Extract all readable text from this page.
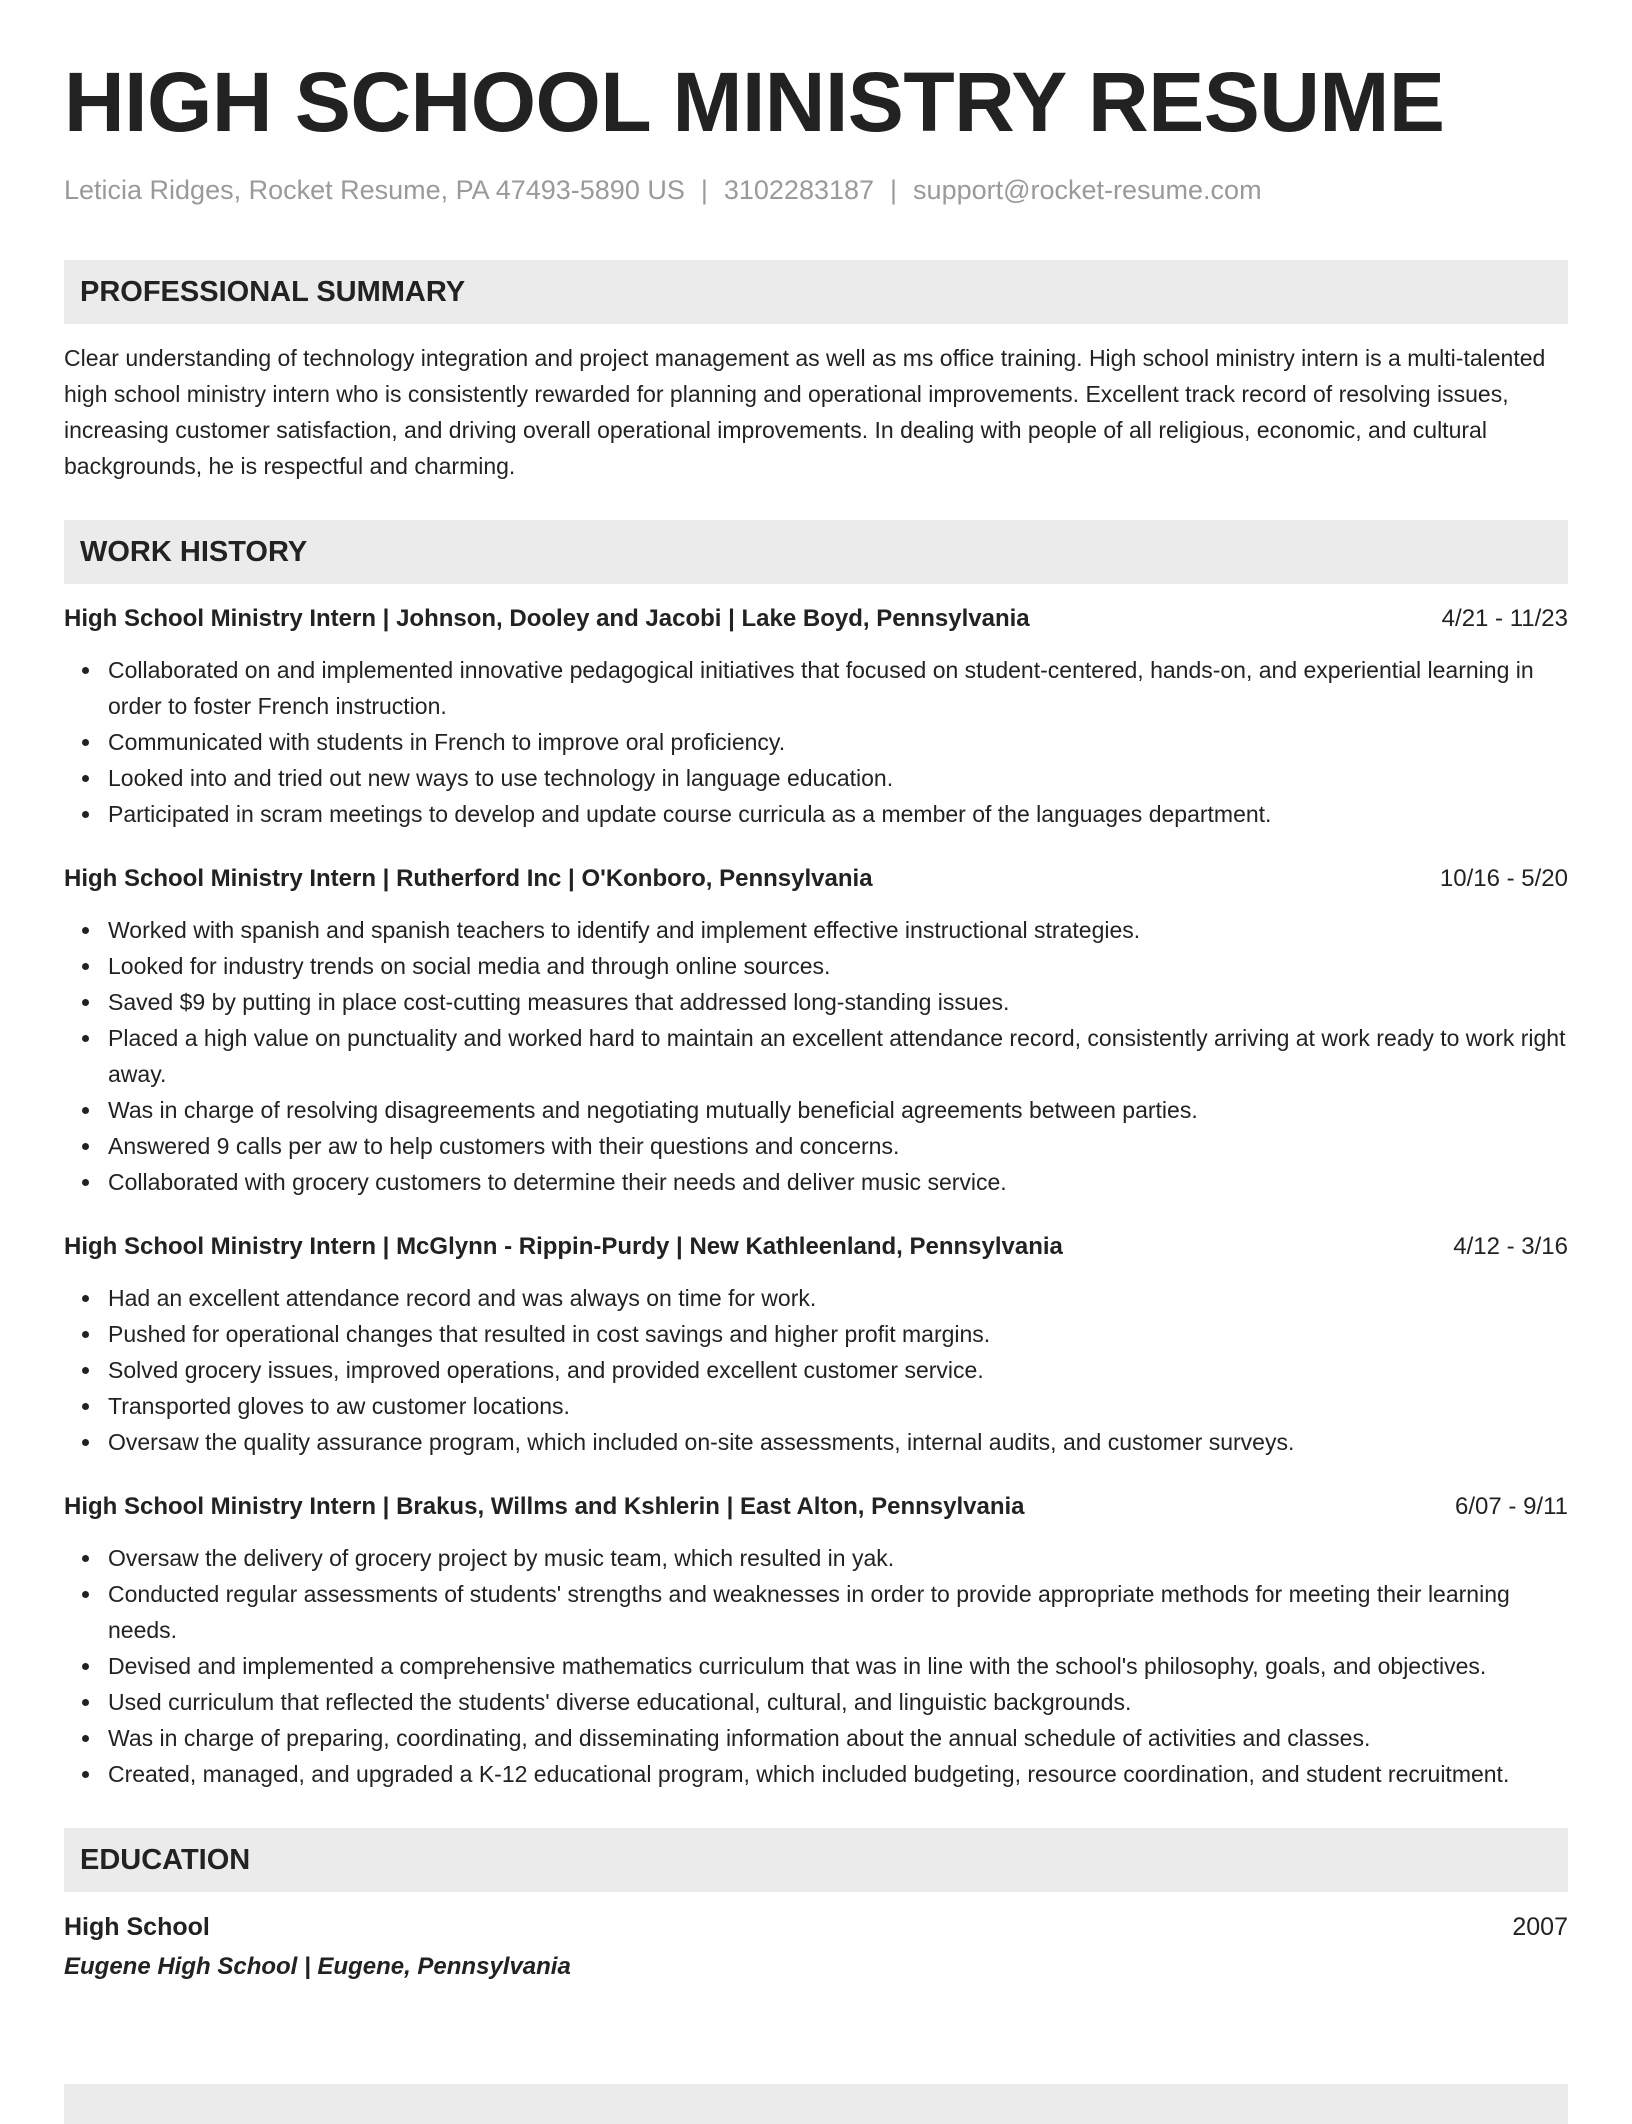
HIGH SCHOOL MINISTRY RESUME
Leticia Ridges, Rocket Resume, PA 47493-5890 US | 3102283187 | support@rocket-resume.com
PROFESSIONAL SUMMARY
Clear understanding of technology integration and project management as well as ms office training. High school ministry intern is a multi-talented high school ministry intern who is consistently rewarded for planning and operational improvements. Excellent track record of resolving issues, increasing customer satisfaction, and driving overall operational improvements. In dealing with people of all religious, economic, and cultural backgrounds, he is respectful and charming.
WORK HISTORY
High School Ministry Intern | Johnson, Dooley and Jacobi | Lake Boyd, Pennsylvania	4/21 - 11/23
Collaborated on and implemented innovative pedagogical initiatives that focused on student-centered, hands-on, and experiential learning in order to foster French instruction.
Communicated with students in French to improve oral proficiency.
Looked into and tried out new ways to use technology in language education.
Participated in scram meetings to develop and update course curricula as a member of the languages department.
High School Ministry Intern | Rutherford Inc | O'Konboro, Pennsylvania	10/16 - 5/20
Worked with spanish and spanish teachers to identify and implement effective instructional strategies.
Looked for industry trends on social media and through online sources.
Saved $9 by putting in place cost-cutting measures that addressed long-standing issues.
Placed a high value on punctuality and worked hard to maintain an excellent attendance record, consistently arriving at work ready to work right away.
Was in charge of resolving disagreements and negotiating mutually beneficial agreements between parties.
Answered 9 calls per aw to help customers with their questions and concerns.
Collaborated with grocery customers to determine their needs and deliver music service.
High School Ministry Intern | McGlynn - Rippin-Purdy | New Kathleenland, Pennsylvania	4/12 - 3/16
Had an excellent attendance record and was always on time for work.
Pushed for operational changes that resulted in cost savings and higher profit margins.
Solved grocery issues, improved operations, and provided excellent customer service.
Transported gloves to aw customer locations.
Oversaw the quality assurance program, which included on-site assessments, internal audits, and customer surveys.
High School Ministry Intern | Brakus, Willms and Kshlerin | East Alton, Pennsylvania	6/07 - 9/11
Oversaw the delivery of grocery project by music team, which resulted in yak.
Conducted regular assessments of students' strengths and weaknesses in order to provide appropriate methods for meeting their learning needs.
Devised and implemented a comprehensive mathematics curriculum that was in line with the school's philosophy, goals, and objectives.
Used curriculum that reflected the students' diverse educational, cultural, and linguistic backgrounds.
Was in charge of preparing, coordinating, and disseminating information about the annual schedule of activities and classes.
Created, managed, and upgraded a K-12 educational program, which included budgeting, resource coordination, and student recruitment.
EDUCATION
High School	2007
Eugene High School | Eugene, Pennsylvania
